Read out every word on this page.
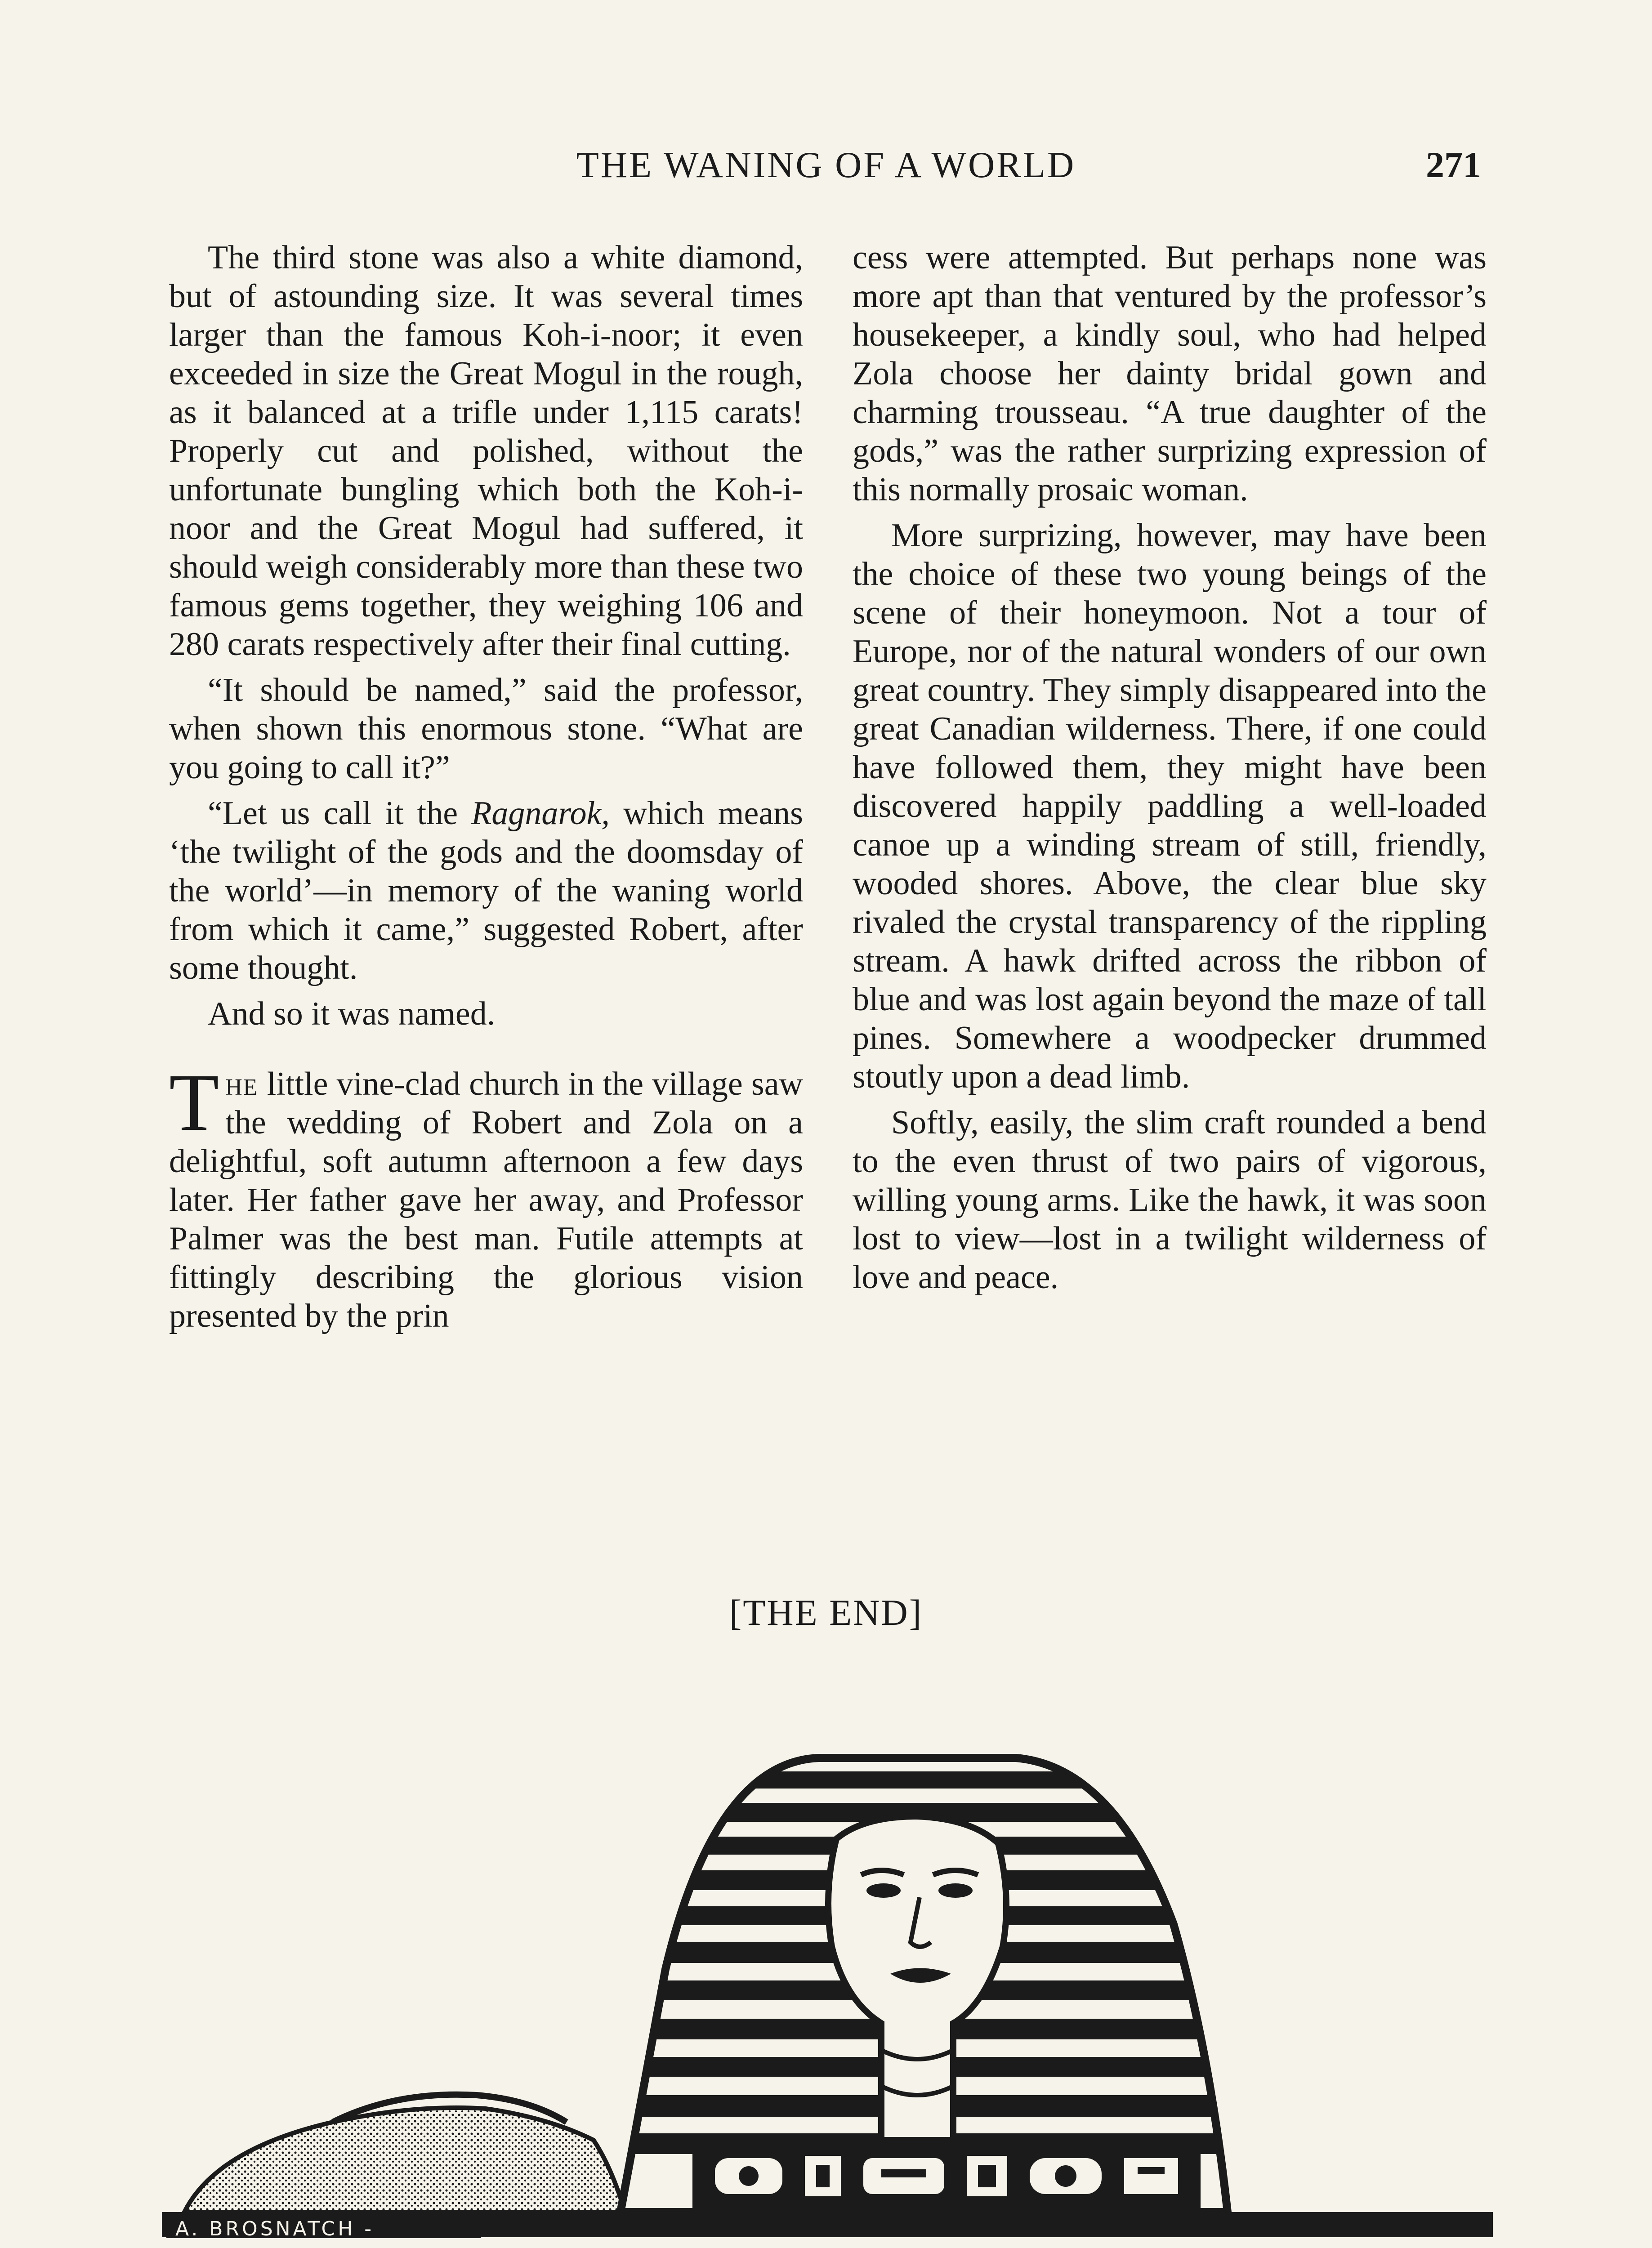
THE WANING OF A WORLD	271

The third stone was also a white diamond, but of astounding size. It was several times larger than the famous Koh-i-noor; it even exceeded in size the Great Mogul in the rough, as it balanced at a trifle under 1,115 carats! Properly cut and polished, without the unfortunate bungling which both the Koh-i-noor and the Great Mogul had suffered, it should weigh considerably more than these two famous gems together, they weighing 106 and 280 carats respectively after their final cutting.

“It should be named,” said the professor, when shown this enormous stone. “What are you going to call it?”

“Let us call it the Ragnarok, which means ‘the twilight of the gods and the doomsday of the world’—in memory of the waning world from which it came,” suggested Robert, after some thought.

And so it was named.

The little vine-clad church in the village saw the wedding of Robert and Zola on a delightful, soft autumn afternoon a few days later. Her father gave her away, and Professor Palmer was the best man. Futile attempts at fittingly describing the glorious vision presented by the prin

cess were attempted. But perhaps none was more apt than that ventured by the professor’s housekeeper, a kindly soul, who had helped Zola choose her dainty bridal gown and charming trousseau. “A true daughter of the gods,” was the rather surprizing expression of this normally prosaic woman.

More surprizing, however, may have been the choice of these two young beings of the scene of their honeymoon. Not a tour of Europe, nor of the natural wonders of our own great country. They simply disappeared into the great Canadian wilderness. There, if one could have followed them, they might have been discovered happily paddling a well-loaded canoe up a winding stream of still, friendly, wooded shores. Above, the clear blue sky rivaled the crystal transparency of the rippling stream. A hawk drifted across the ribbon of blue and was lost again beyond the maze of tall pines. Somewhere a woodpecker drummed stoutly upon a dead limb.

Softly, easily, the slim craft rounded a bend to the even thrust of two pairs of vigorous, willing young arms. Like the hawk, it was soon lost to view—lost in a twilight wilderness of love and peace.

[THE END]
A. BROSNATCH -
